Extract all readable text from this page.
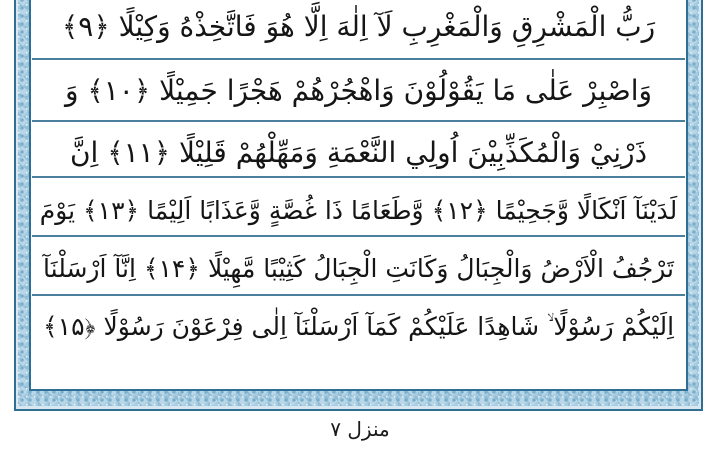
رَبُّ الْمَشْرِقِ وَالْمَغْرِبِ لَآ اِلٰهَ اِلَّا هُوَ فَاتَّخِذْهُ وَكِيْلًا ﴿۹﴾
وَاصْبِرْ عَلٰى مَا يَقُوْلُوْنَ وَاهْجُرْهُمْ هَجْرًا جَمِيْلًا ﴿۱۰﴾ وَ
ذَرْنِيْ وَالْمُكَذِّبِيْنَ اُولِي النَّعْمَةِ وَمَهِّلْهُمْ قَلِيْلًا ﴿۱۱﴾ اِنَّ
لَدَيْنَآ اَنْكَالًا وَّجَحِيْمًا ﴿۱۲﴾ وَّطَعَامًا ذَا غُصَّةٍ وَّعَذَابًا اَلِيْمًا ﴿۱۳﴾ يَوْمَ
تَرْجُفُ الْاَرْضُ وَالْجِبَالُ وَكَانَتِ الْجِبَالُ كَثِيْبًا مَّهِيْلًا ﴿۱۴﴾ اِنَّآ اَرْسَلْنَآ
اِلَيْكُمْ رَسُوْلًا ۙ شَاهِدًا عَلَيْكُمْ كَمَآ اَرْسَلْنَآ اِلٰى فِرْعَوْنَ رَسُوْلًا ﴿۱۵﴾
منزل ۷
